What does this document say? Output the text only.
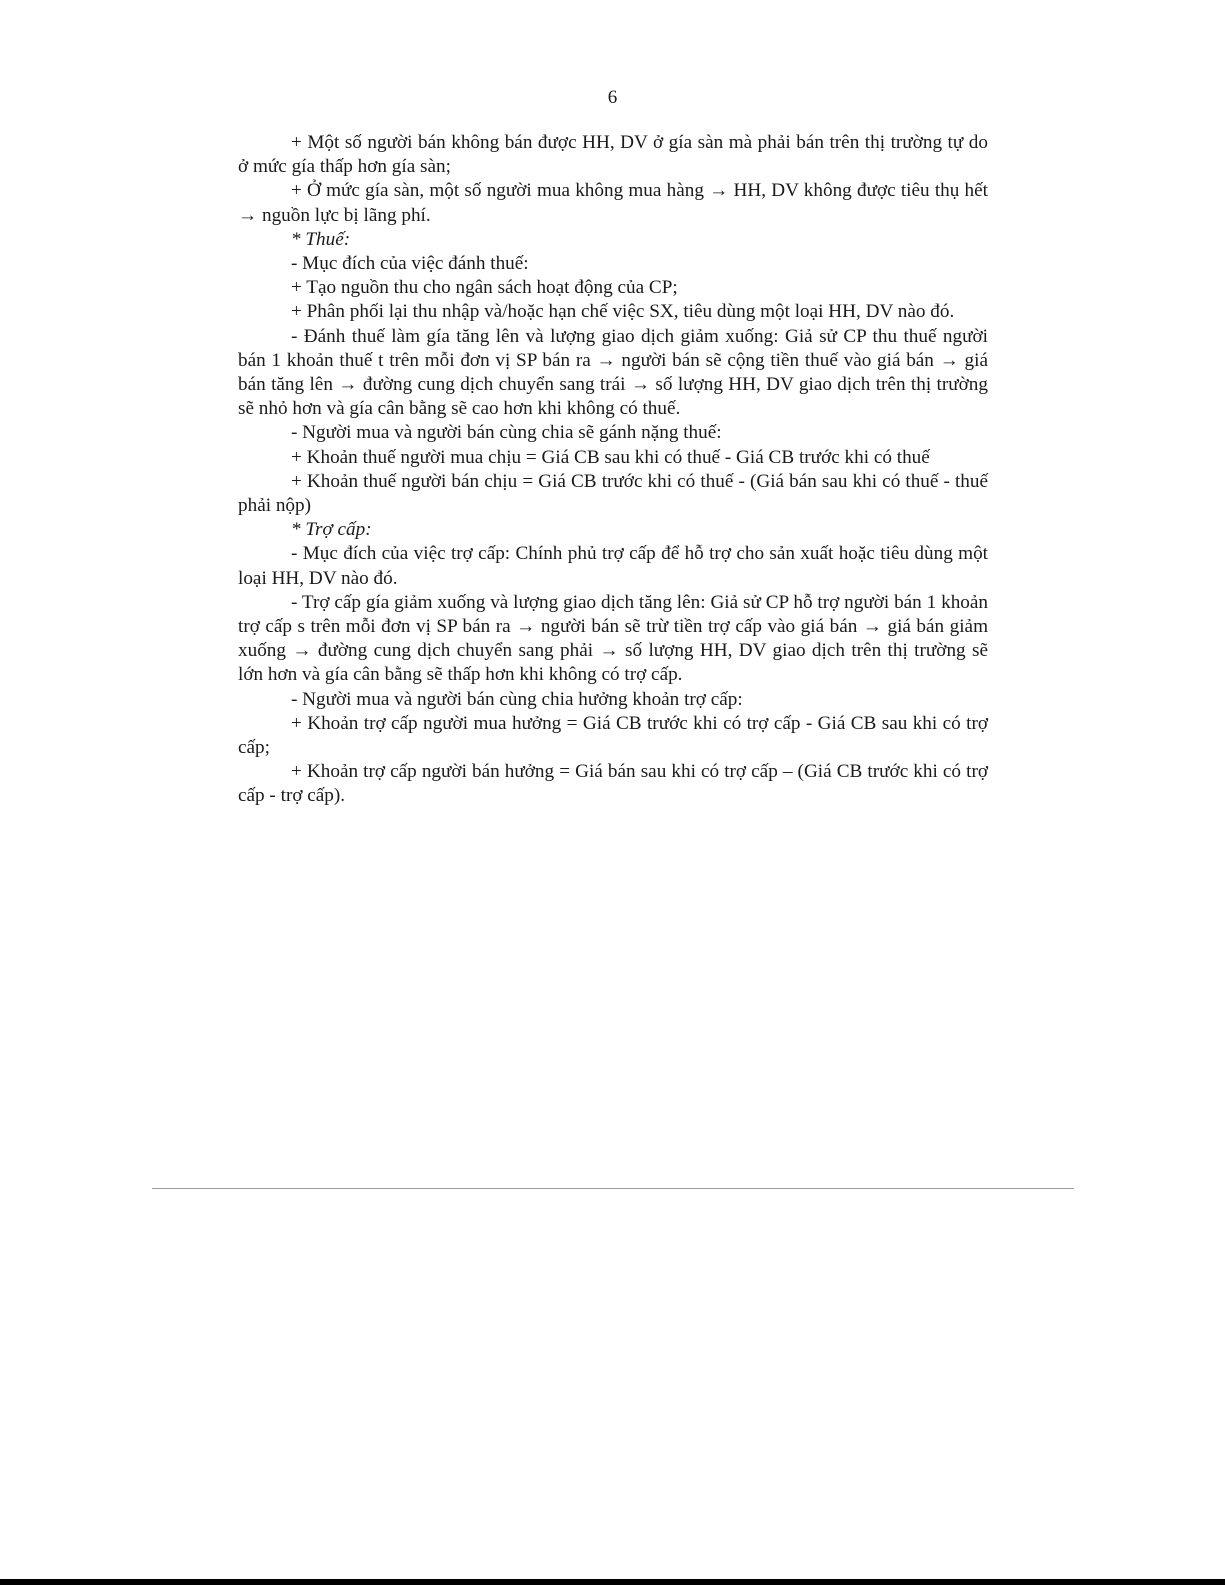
6

+ Một số người bán không bán được HH, DV ở gía sàn mà phải bán trên thị trường tự do ở mức gía thấp hơn gía sàn;

+ Ở mức gía sàn, một số người mua không mua hàng → HH, DV không được tiêu thụ hết → nguồn lực bị lãng phí.

* Thuế:

- Mục đích của việc đánh thuế:

+ Tạo nguồn thu cho ngân sách hoạt động của CP;

+ Phân phối lại thu nhập và/hoặc hạn chế việc SX, tiêu dùng một loại HH, DV nào đó.

- Đánh thuế làm gía tăng lên và lượng giao dịch giảm xuống: Giả sử CP thu thuế người bán 1 khoản thuế t trên mỗi đơn vị SP bán ra → người bán sẽ cộng tiền thuế vào giá bán → giá bán tăng lên → đường cung dịch chuyển sang trái → số lượng HH, DV giao dịch trên thị trường sẽ nhỏ hơn và gía cân bằng sẽ cao hơn khi không có thuế.

- Người mua và người bán cùng chia sẽ gánh nặng thuế:

+ Khoản thuế người mua chịu = Giá CB sau khi có thuế - Giá CB trước khi có thuế

+ Khoản thuế người bán chịu = Giá CB trước khi có thuế - (Giá bán sau khi có thuế - thuế phải nộp)

* Trợ cấp:

- Mục đích của việc trợ cấp: Chính phủ trợ cấp để hỗ trợ cho sản xuất hoặc tiêu dùng một loại HH, DV nào đó.

- Trợ cấp gía giảm xuống và lượng giao dịch tăng lên: Giả sử CP hỗ trợ người bán 1 khoản trợ cấp s trên mỗi đơn vị SP bán ra → người bán sẽ trừ tiền trợ cấp vào giá bán → giá bán giảm xuống → đường cung dịch chuyển sang phải → số lượng HH, DV giao dịch trên thị trường sẽ lớn hơn và gía cân bằng sẽ thấp hơn khi không có trợ cấp.

- Người mua và người bán cùng chia hưởng khoản trợ cấp:

+ Khoản trợ cấp người mua hưởng = Giá CB trước khi có trợ cấp - Giá CB sau khi có trợ cấp;

+ Khoản trợ cấp người bán hưởng = Giá bán sau khi có trợ cấp – (Giá CB trước khi có trợ cấp - trợ cấp).
